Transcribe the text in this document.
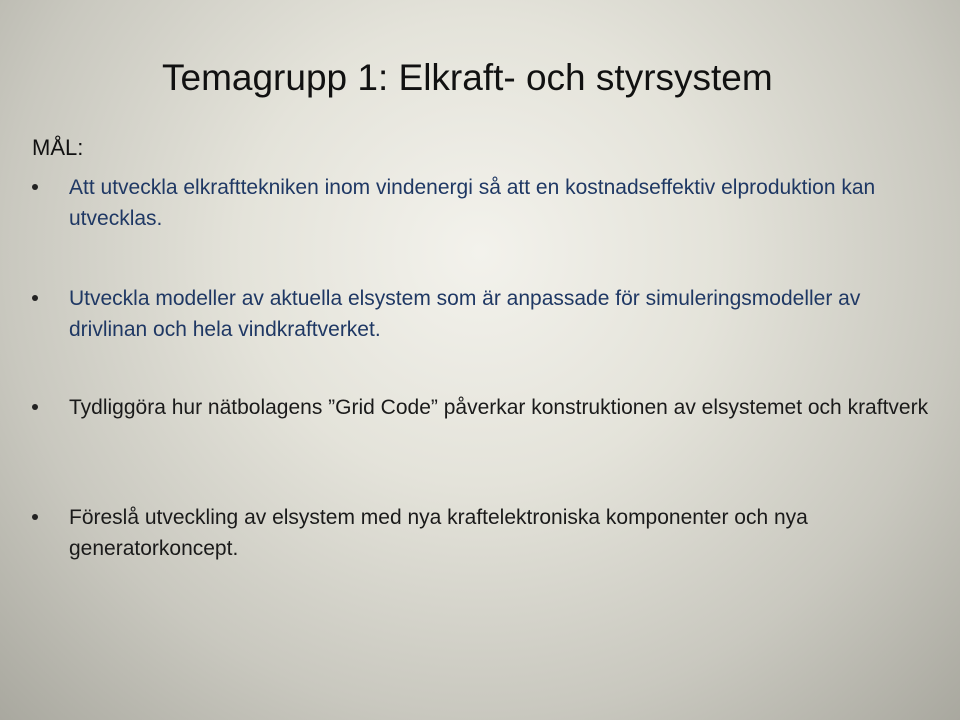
Temagrupp 1: Elkraft- och styrsystem
MÅL:
Att utveckla elkrafttekniken inom vindenergi så att en kostnadseffektiv elproduktion kan utvecklas.
Utveckla modeller av aktuella elsystem som är anpassade för simuleringsmodeller av drivlinan och hela vindkraftverket.
Tydliggöra hur nätbolagens ”Grid Code” påverkar konstruktionen av elsystemet och kraftverk
Föreslå utveckling av elsystem med nya kraftelektroniska komponenter och nya generatorkoncept.
